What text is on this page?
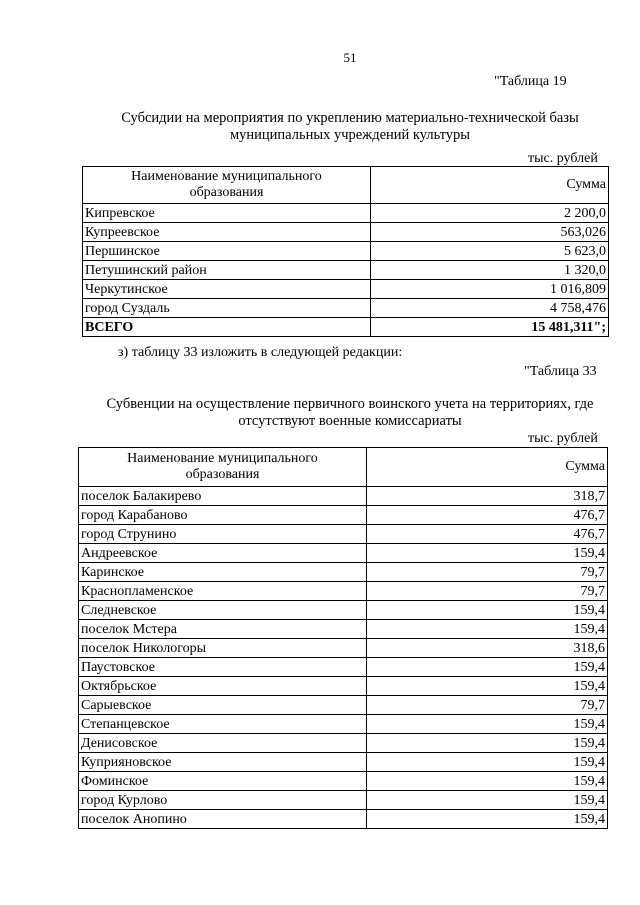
51
"Таблица 19
Субсидии на мероприятия по укреплению материально-технической базы
муниципальных учреждений культуры
тыс. рублей
Наименование муниципального
образования	Сумма
Кипревское	2 200,0
Купреевское	563,026
Першинское	5 623,0
Петушинский район	1 320,0
Черкутинское	1 016,809
город Суздаль	4 758,476
ВСЕГО	15 481,311";
з) таблицу 33 изложить в следующей редакции:
"Таблица 33
Субвенции на осуществление первичного воинского учета на территориях, где
отсутствуют военные комиссариаты
тыс. рублей
Наименование муниципального
образования	Сумма
поселок Балакирево	318,7
город Карабаново	476,7
город Струнино	476,7
Андреевское	159,4
Каринское	79,7
Краснопламенское	79,7
Следневское	159,4
поселок Мстера	159,4
поселок Никологоры	318,6
Паустовское	159,4
Октябрьское	159,4
Сарыевское	79,7
Степанцевское	159,4
Денисовское	159,4
Куприяновское	159,4
Фоминское	159,4
город Курлово	159,4
поселок Анопино	159,4
